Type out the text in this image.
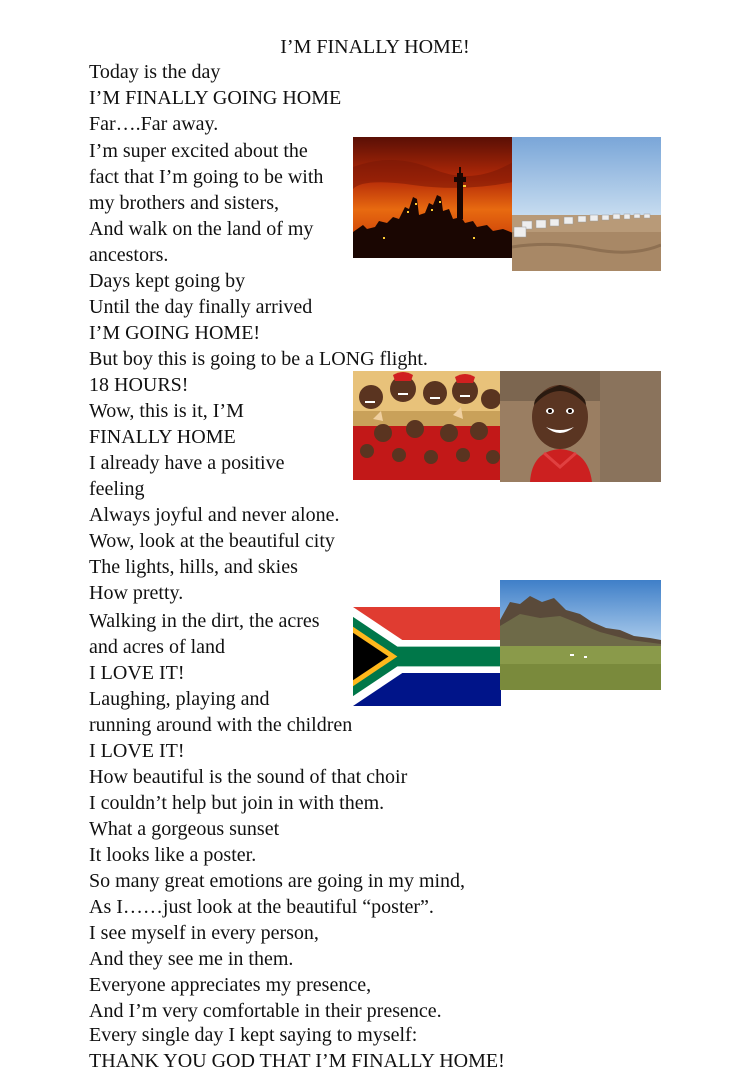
I’M FINALLY HOME!
Today is the day
I’M FINALLY GOING HOME
Far….Far away.
I’m super excited about the
fact that I’m going to be with
my brothers and sisters,
And walk on the land of my
ancestors.
Days kept going by
Until the day finally arrived
I’M GOING HOME!
But boy this is going to be a LONG flight.
18 HOURS!
Wow, this is it, I’M
FINALLY HOME
I already have a positive
feeling
Always joyful and never alone.
Wow, look at the beautiful city
The lights, hills, and skies
How pretty.
Walking in the dirt, the acres
and acres of land
I LOVE IT!
Laughing, playing and
running around with the children
I LOVE IT!
How beautiful is the sound of that choir
I couldn’t help but join in with them.
What a gorgeous sunset
It looks like a poster.
So many great emotions are going in my mind,
As I……just look at the beautiful “poster”.
I see myself in every person,
And they see me in them.
Everyone appreciates my presence,
And I’m very comfortable in their presence.
Every single day I kept saying to myself:
THANK YOU GOD THAT I’M FINALLY HOME!
